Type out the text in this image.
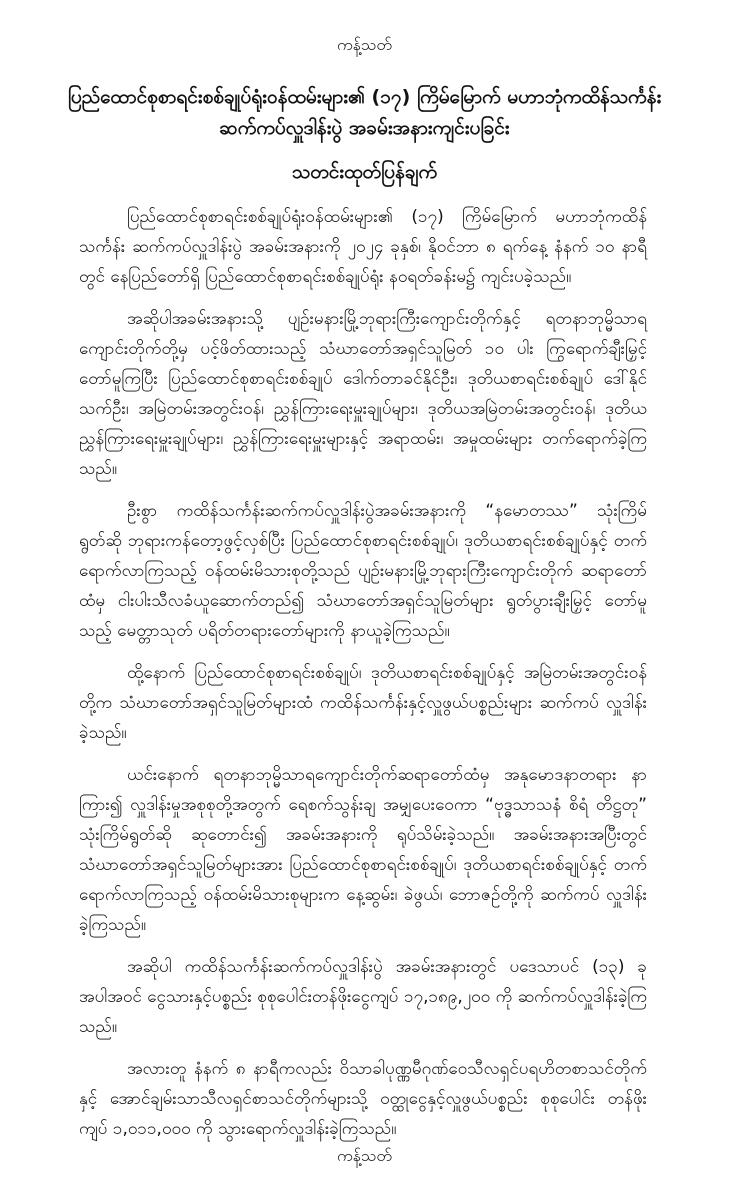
ကန့်သတ်
ပြည်ထောင်စုစာရင်းစစ်ချုပ်ရုံးဝန်ထမ်းများ၏ (၁၇) ကြိမ်မြောက် မဟာဘုံကထိန်သင်္ကန်း
ဆက်ကပ်လှူဒါန်းပွဲ အခမ်းအနားကျင်းပခြင်း
သတင်းထုတ်ပြန်ချက်

ပြည်ထောင်စုစာရင်းစစ်ချုပ်ရုံးဝန်ထမ်းများ၏ (၁၇) ကြိမ်မြောက် မဟာဘုံကထိန်သင်္ကန်း ဆက်ကပ်လှူဒါန်းပွဲ အခမ်းအနားကို ၂၀၂၄ ခုနှစ်၊ နိုဝင်ဘာ ၈ ရက်နေ့ နံနက် ၁၀ နာရီတွင် နေပြည်တော်ရှိ ပြည်ထောင်စုစာရင်းစစ်ချုပ်ရုံး နဝရတ်ခန်းမ၌ ကျင်းပခဲ့သည်။

အဆိုပါအခမ်းအနားသို့ ပျဉ်းမနားမြို့ဘုရားကြီးကျောင်းတိုက်နှင့် ရတနာဘုမ္မိသာရ ကျောင်းတိုက်တို့မှ ပင့်ဖိတ်ထားသည့် သံဃာတော်အရှင်သူမြတ် ၁၀ ပါး ကြွရောက်ချီးမြှင့် တော်မူကြပြီး ပြည်ထောင်စုစာရင်းစစ်ချုပ် ဒေါက်တာခင်နိုင်ဦး၊ ဒုတိယစာရင်းစစ်ချုပ် ဒေါ်နိုင်သက်ဦး၊ အမြဲတမ်းအတွင်းဝန်၊ ညွှန်ကြားရေးမှူးချုပ်များ၊ ဒုတိယအမြဲတမ်းအတွင်းဝန်၊ ဒုတိယညွှန်ကြားရေးမှူးချုပ်များ၊ ညွှန်ကြားရေးမှူးများနှင့် အရာထမ်း၊ အမှုထမ်းများ တက်ရောက်ခဲ့ကြသည်။

ဦးစွာ ကထိန်သင်္ကန်းဆက်ကပ်လှူဒါန်းပွဲအခမ်းအနားကို “နမောတဿ” သုံးကြိမ် ရွတ်ဆို ဘုရားကန်တော့ဖွင့်လှစ်ပြီး ပြည်ထောင်စုစာရင်းစစ်ချုပ်၊ ဒုတိယစာရင်းစစ်ချုပ်နှင့် တက်ရောက်လာကြသည့် ဝန်ထမ်းမိသားစုတို့သည် ပျဉ်းမနားမြို့ဘုရားကြီးကျောင်းတိုက် ဆရာတော်ထံမှ ငါးပါးသီလခံယူဆောက်တည်၍ သံဃာတော်အရှင်သူမြတ်များ ရွတ်ပွားချီးမြှင့် တော်မူသည့် မေတ္တာသုတ် ပရိတ်တရားတော်များကို နာယူခဲ့ကြသည်။

ထို့နောက် ပြည်ထောင်စုစာရင်းစစ်ချုပ်၊ ဒုတိယစာရင်းစစ်ချုပ်နှင့် အမြဲတမ်းအတွင်းဝန် တို့က သံဃာတော်အရှင်သူမြတ်များထံ ကထိန်သင်္ကန်းနှင့်လှူဖွယ်ပစ္စည်းများ ဆက်ကပ် လှူဒါန်းခဲ့သည်။

ယင်းနောက် ရတနာဘုမ္မိသာရကျောင်းတိုက်ဆရာတော်ထံမှ အနုမောဒနာတရား နာကြား၍ လှူဒါန်းမှုအစုစုတို့အတွက် ရေစက်သွန်းချ အမျှပေးဝေကာ “ဗုဒ္ဓသာသနံ စိရံ တိဋ္ဌတု” သုံးကြိမ်ရွတ်ဆို ဆုတောင်း၍ အခမ်းအနားကို ရုပ်သိမ်းခဲ့သည်။ အခမ်းအနားအပြီးတွင် သံဃာတော်အရှင်သူမြတ်များအား ပြည်ထောင်စုစာရင်းစစ်ချုပ်၊ ဒုတိယစာရင်းစစ်ချုပ်နှင့် တက်ရောက်လာကြသည့် ဝန်ထမ်းမိသားစုများက နေ့ဆွမ်း၊ ခဲဖွယ်၊ ဘောဇဉ်တို့ကို ဆက်ကပ် လှူဒါန်းခဲ့ကြသည်။

အဆိုပါ ကထိန်သင်္ကန်းဆက်ကပ်လှူဒါန်းပွဲ အခမ်းအနားတွင် ပဒေသာပင် (၁၃) ခု အပါအဝင် ငွေသားနှင့်ပစ္စည်း စုစုပေါင်းတန်ဖိုးငွေကျပ် ၁၇,၁၈၉,၂၀၀ ကို ဆက်ကပ်လှူဒါန်းခဲ့ကြ သည်။

အလားတူ နံနက် ၈ နာရီကလည်း ဝိသာခါပုဏ္ဏမီဂုဏ်ဝေသီလရှင်ပရဟိတစာသင်တိုက် နှင့် အောင်ချမ်းသာသီလရှင်စာသင်တိုက်များသို့ ဝတ္ထုငွေနှင့်လှူဖွယ်ပစ္စည်း စုစုပေါင်း တန်ဖိုး ကျပ် ၁,၀၁၁,၀၀၀ ကို သွားရောက်လှူဒါန်းခဲ့ကြသည်။

ကန့်သတ်
